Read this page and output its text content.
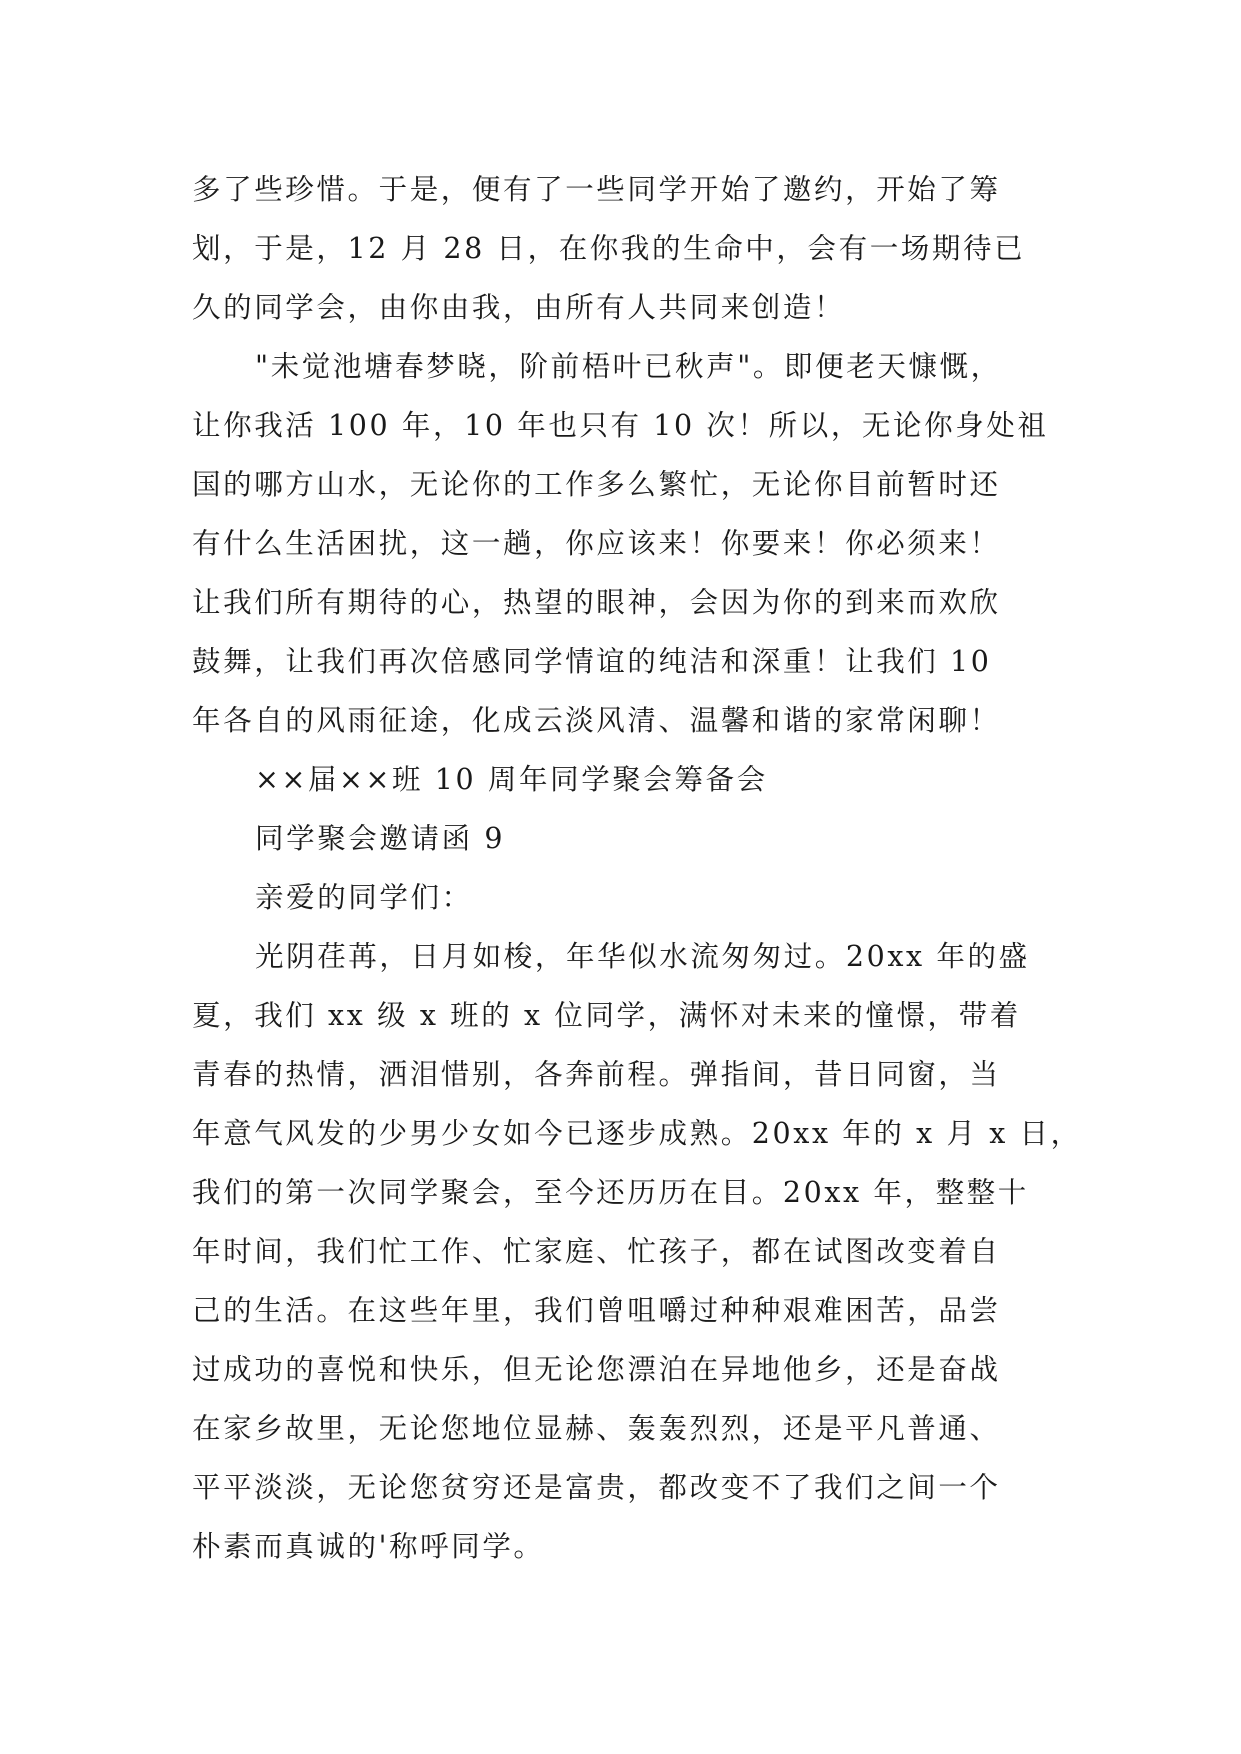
多了些珍惜。于是，便有了一些同学开始了邀约，开始了筹
划，于是，12 月 28 日，在你我的生命中，会有一场期待已
久的同学会，由你由我，由所有人共同来创造！
"未觉池塘春梦晓，阶前梧叶已秋声"。即便老天慷慨，
让你我活 100 年，10 年也只有 10 次！所以，无论你身处祖
国的哪方山水，无论你的工作多么繁忙，无论你目前暂时还
有什么生活困扰，这一趟，你应该来！你要来！你必须来！
让我们所有期待的心，热望的眼神，会因为你的到来而欢欣
鼓舞，让我们再次倍感同学情谊的纯洁和深重！让我们 10
年各自的风雨征途，化成云淡风清、温馨和谐的家常闲聊！
××届××班 10 周年同学聚会筹备会
同学聚会邀请函 9
亲爱的同学们：
光阴荏苒，日月如梭，年华似水流匆匆过。20xx 年的盛
夏，我们 xx 级 x 班的 x 位同学，满怀对未来的憧憬，带着
青春的热情，洒泪惜别，各奔前程。弹指间，昔日同窗，当
年意气风发的少男少女如今已逐步成熟。20xx 年的 x 月 x 日，
我们的第一次同学聚会，至今还历历在目。20xx 年，整整十
年时间，我们忙工作、忙家庭、忙孩子，都在试图改变着自
己的生活。在这些年里，我们曾咀嚼过种种艰难困苦，品尝
过成功的喜悦和快乐，但无论您漂泊在异地他乡，还是奋战
在家乡故里，无论您地位显赫、轰轰烈烈，还是平凡普通、
平平淡淡，无论您贫穷还是富贵，都改变不了我们之间一个
朴素而真诚的'称呼同学。
